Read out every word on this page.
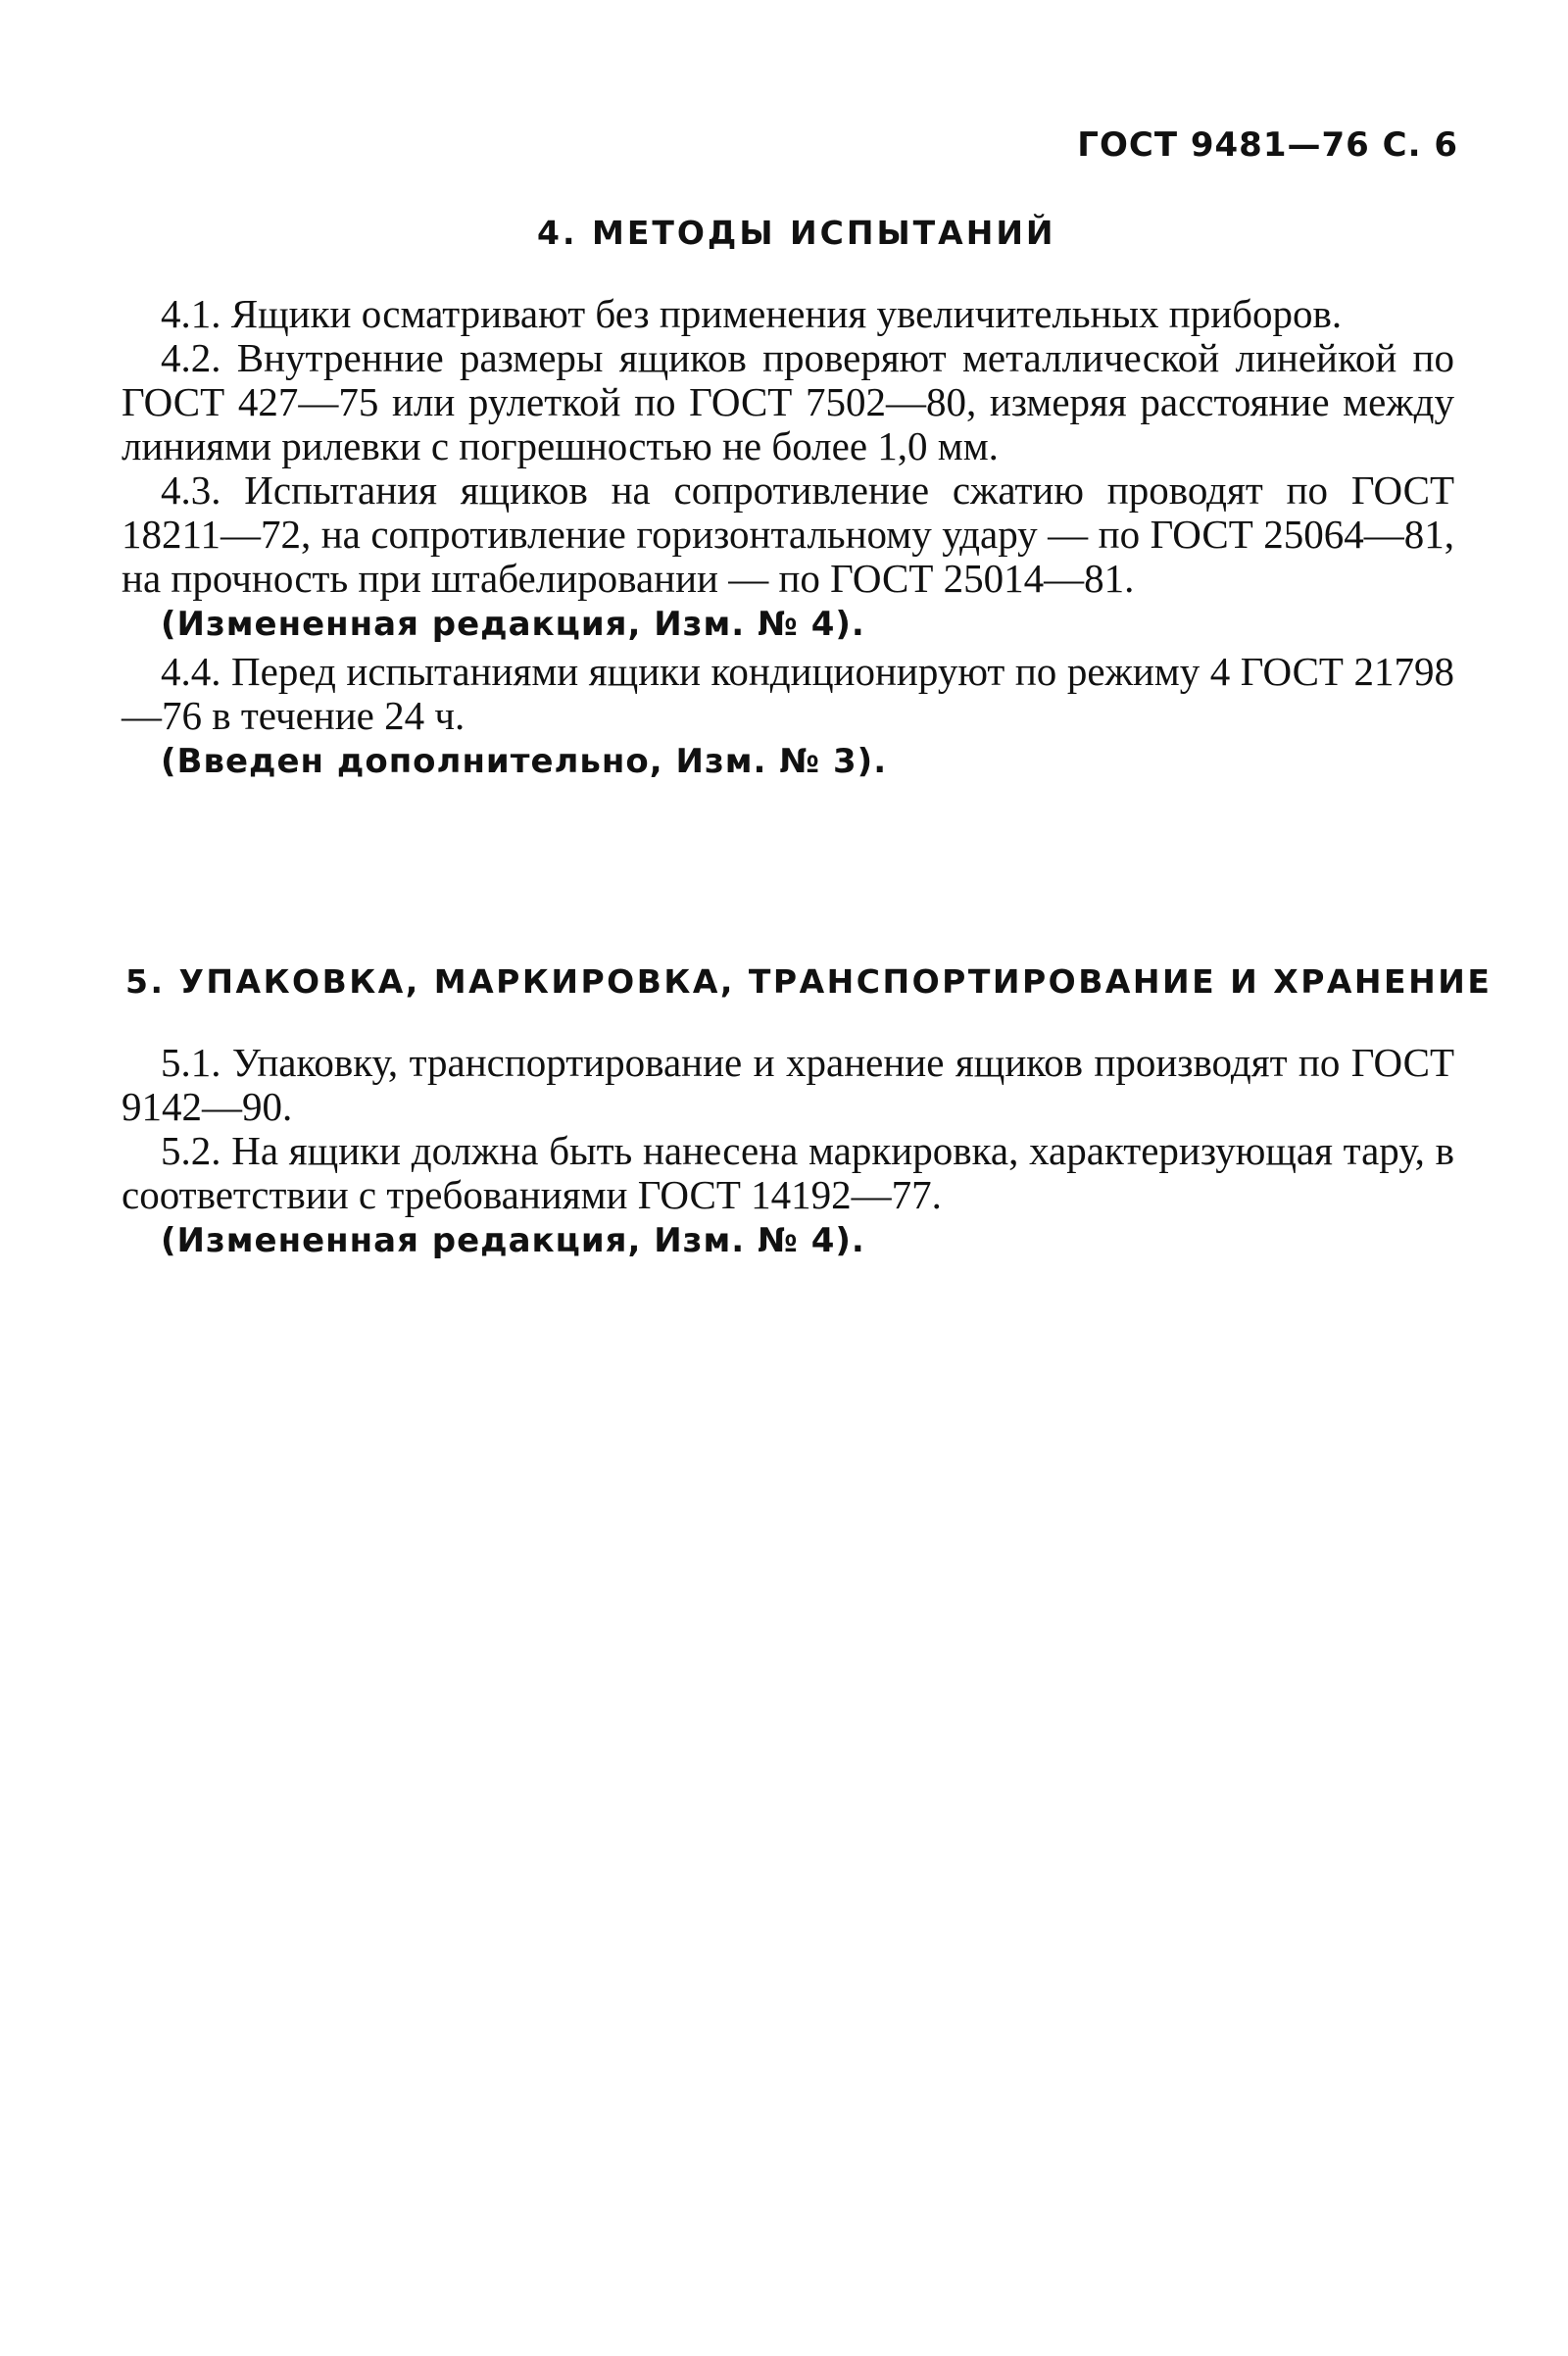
ГОСТ 9481—76 С. 6
4. МЕТОДЫ ИСПЫТАНИЙ

4.1. Ящики осматривают без применения увеличительных приборов.

4.2. Внутренние размеры ящиков проверяют металлической линейкой по ГОСТ 427—75 или рулеткой по ГОСТ 7502—80, измеряя расстояние между линиями рилевки с погрешностью не более 1,0 мм.

4.3. Испытания ящиков на сопротивление сжатию проводят по ГОСТ 18211—72, на сопротивление горизонтальному удару — по ГОСТ 25064—81, на прочность при штабелировании — по ГОСТ 25014—81.

(Измененная редакция, Изм. № 4).

4.4. Перед испытаниями ящики кондиционируют по режиму 4 ГОСТ 21798—76 в течение 24 ч.

(Введен дополнительно, Изм. № 3).
5. УПАКОВКА, МАРКИРОВКА, ТРАНСПОРТИРОВАНИЕ И ХРАНЕНИЕ

5.1. Упаковку, транспортирование и хранение ящиков производят по ГОСТ 9142—90.

5.2. На ящики должна быть нанесена маркировка, характеризующая тару, в соответствии с требованиями ГОСТ 14192—77.

(Измененная редакция, Изм. № 4).
